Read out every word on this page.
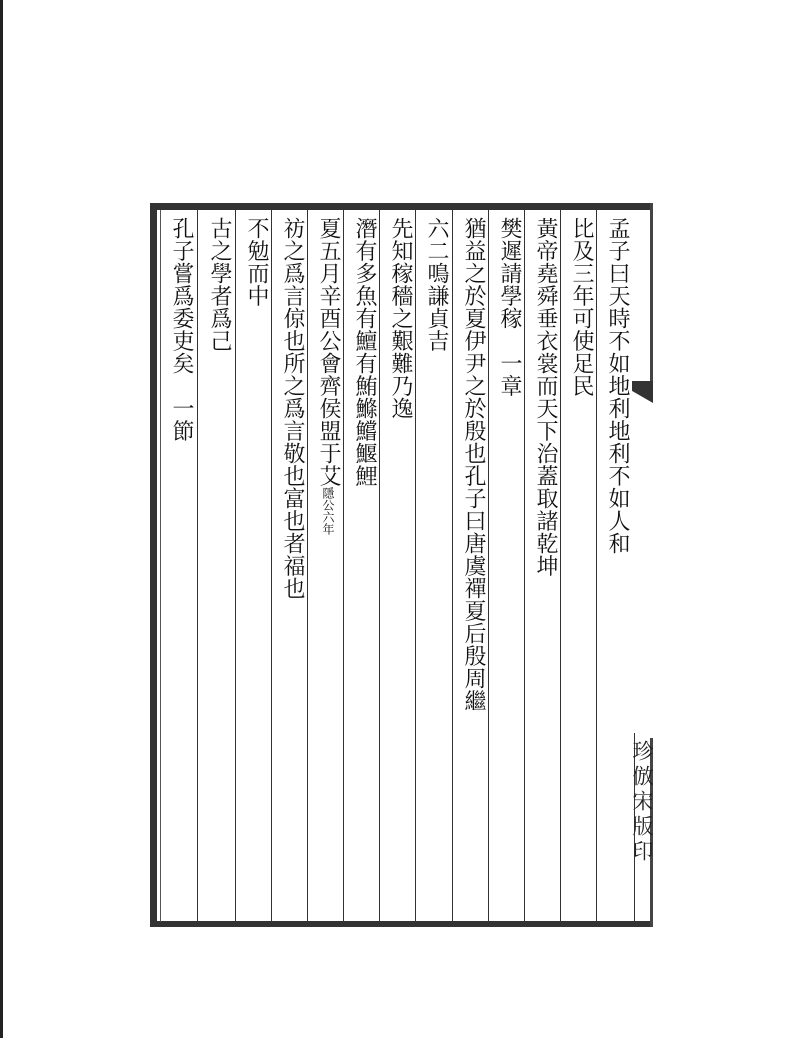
孟子曰天時不如地利地利不如人和
比及三年可使足民
黃帝堯舜垂衣裳而天下治蓋取諸乾坤
樊遲請學稼　一章
猶益之於夏伊尹之於殷也孔子曰唐虞禪夏后殷周繼
六二鳴謙貞吉
先知稼穡之艱難乃逸
潛有多魚有鱣有鮪鰷鱨鰋鯉
夏五月辛酉公會齊侯盟于艾隱公六年
祊之爲言倞也所之爲言敬也富也者福也
不勉而中
古之學者爲己
孔子嘗爲委吏矣　一節
珍倣宋版印
